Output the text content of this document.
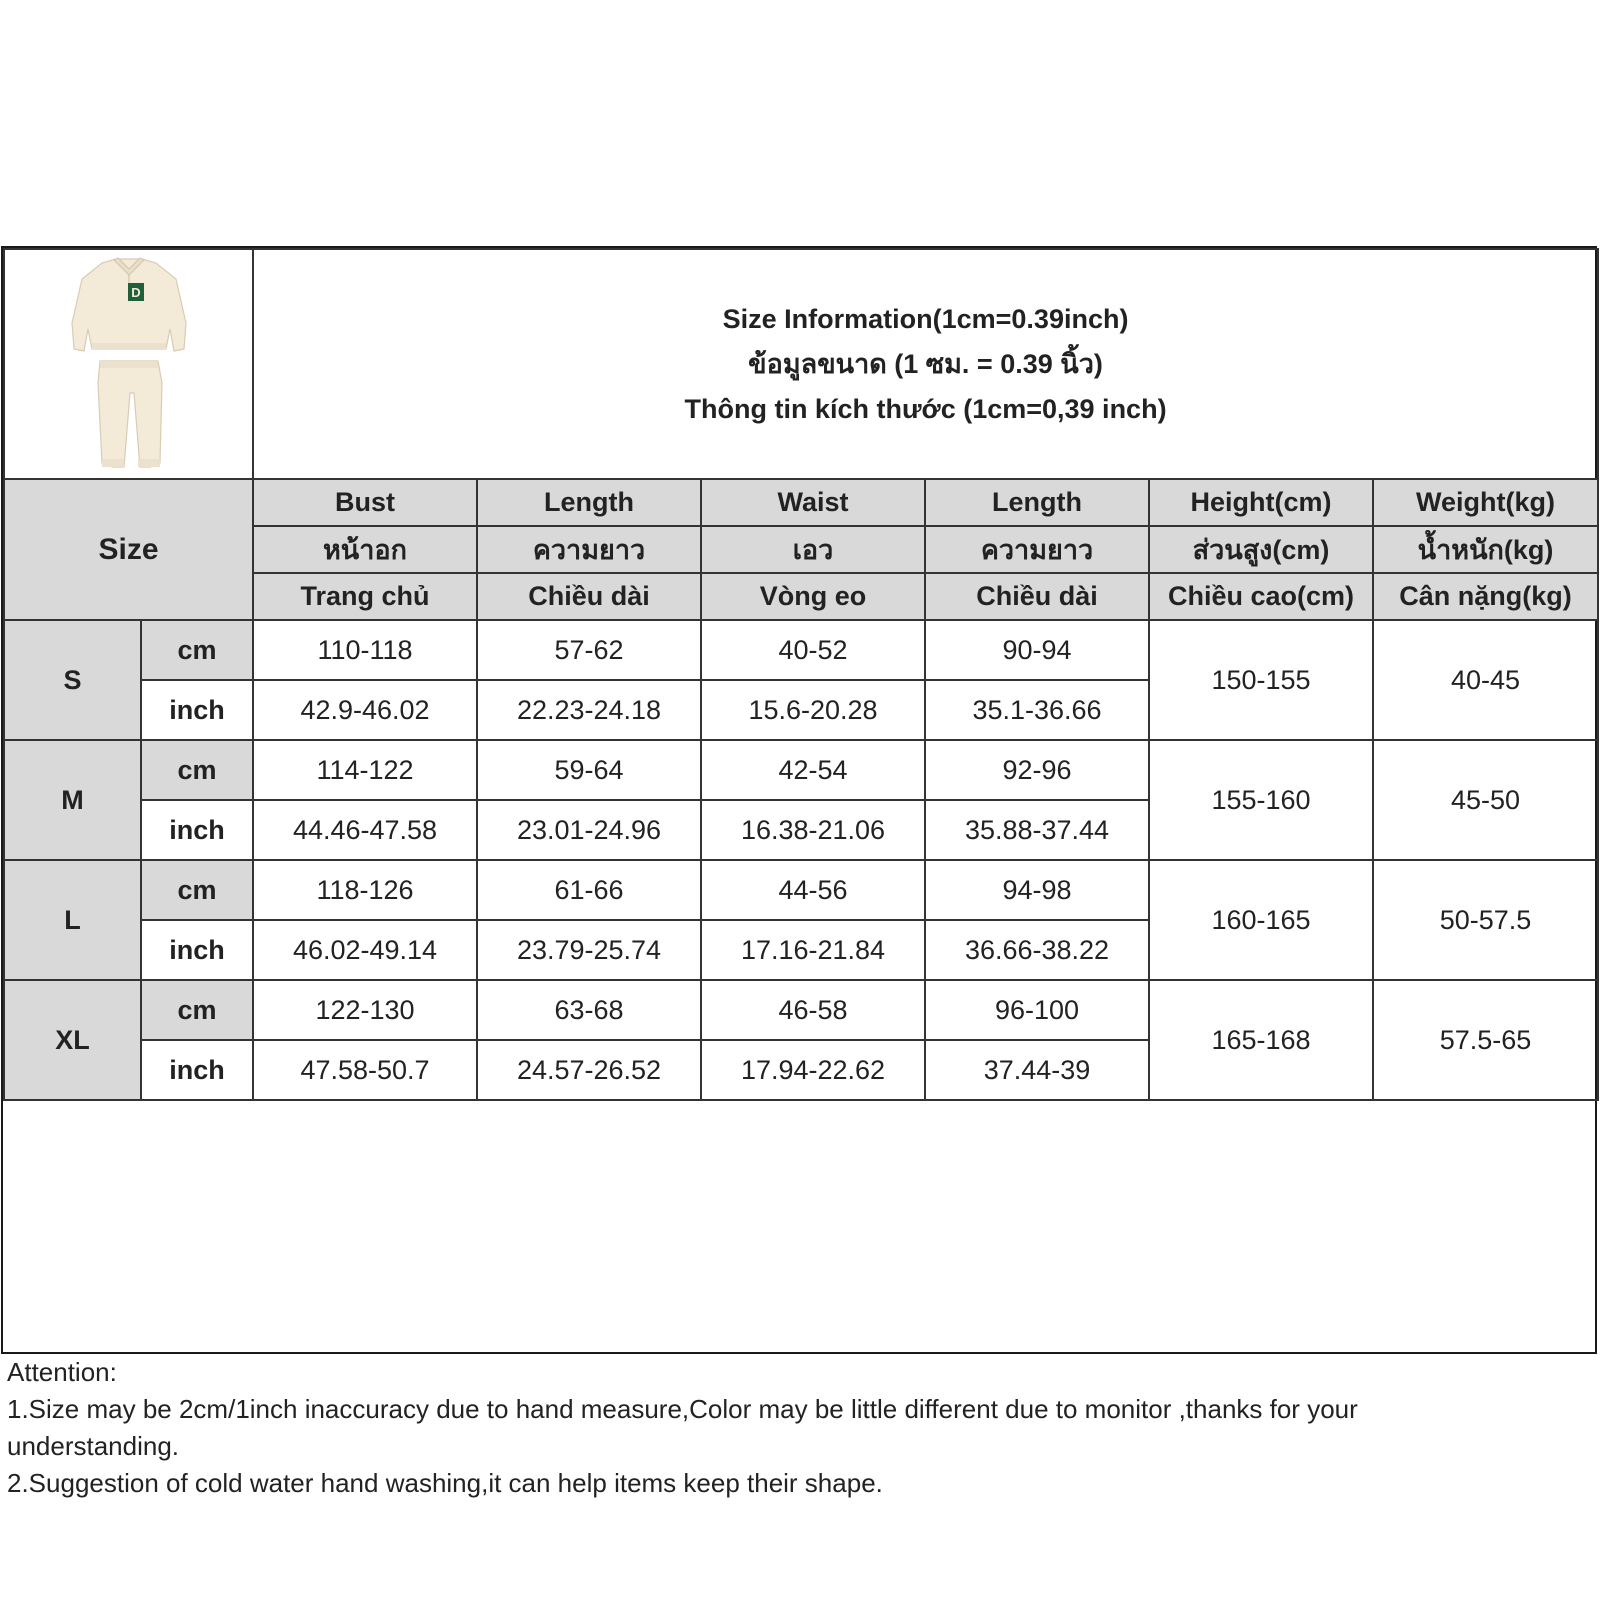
D		Size Information(1cm=0.39inch)
ข้อมูลขนาด (1 ซม. = 0.39 นิ้ว)
Thông tin kích thước (1cm=0,39 inch)					

Size		Bust	Length	Waist	Length	Height(cm)	Weight(kg)
		หน้าอก	ความยาว	เอว	ความยาว	ส่วนสูง(cm)	น้ำหนัก(kg)
		Trang chủ	Chiều dài	Vòng eo	Chiều dài	Chiều cao(cm)	Cân nặng(kg)
S	cm	110-118	57-62	40-52	90-94	150-155	40-45
	inch	42.9-46.02	22.23-24.18	15.6-20.28	35.1-36.66		
M	cm	114-122	59-64	42-54	92-96	155-160	45-50
	inch	44.46-47.58	23.01-24.96	16.38-21.06	35.88-37.44		
L	cm	118-126	61-66	44-56	94-98	160-165	50-57.5
	inch	46.02-49.14	23.79-25.74	17.16-21.84	36.66-38.22		
XL	cm	122-130	63-68	46-58	96-100	165-168	57.5-65
	inch	47.58-50.7	24.57-26.52	17.94-22.62	37.44-39		
Attention:
1.Size may be 2cm/1inch inaccuracy due to hand measure,Color may be little different due to monitor ,thanks for your
understanding.
2.Suggestion of cold water hand washing,it can help items keep their shape.
